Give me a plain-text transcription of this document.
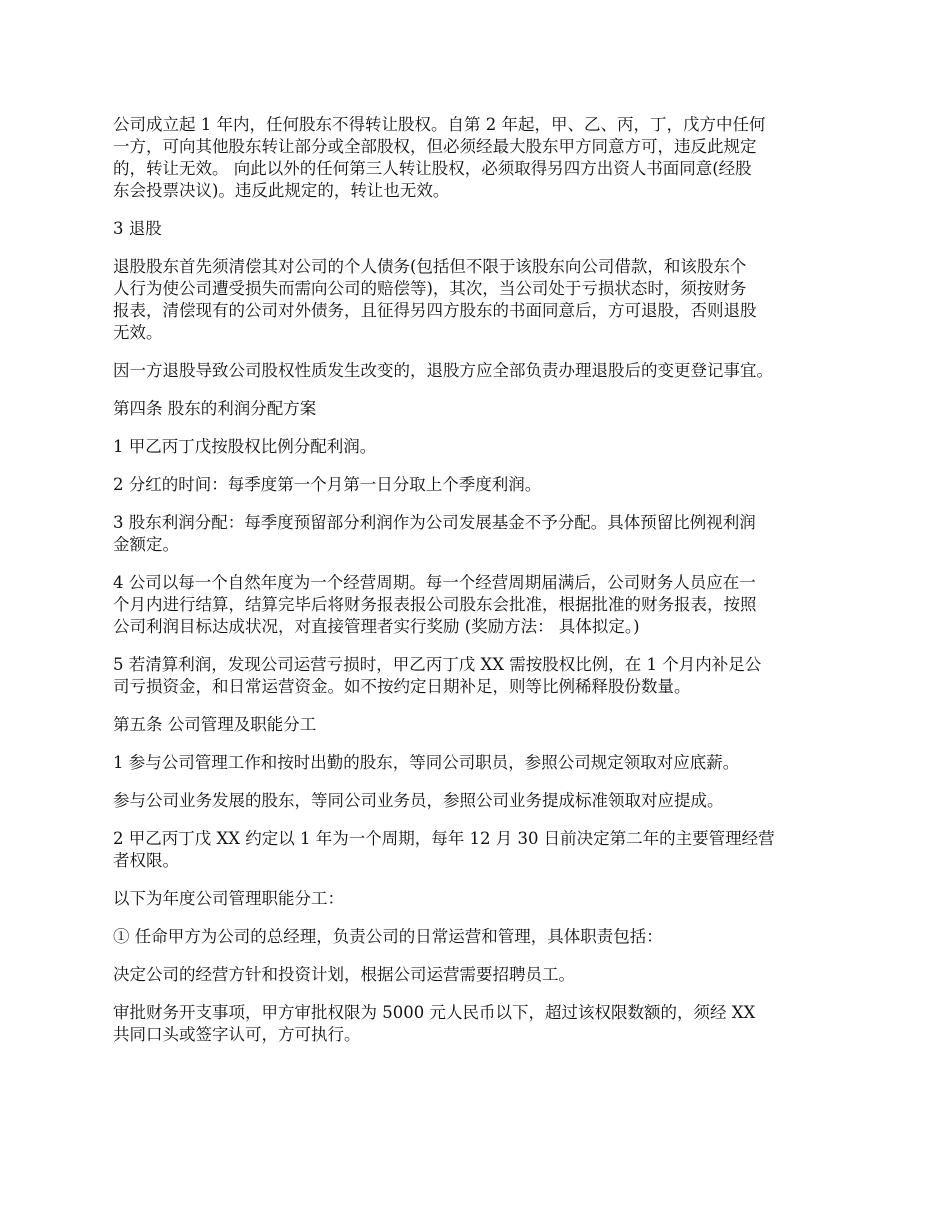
公司成立起 1 年内，任何股东不得转让股权。自第 2 年起，甲、乙、丙，丁，戊方中任何
一方，可向其他股东转让部分或全部股权，但必须经最大股东甲方同意方可，违反此规定
的，转让无效。 向此以外的任何第三人转让股权，必须取得另四方出资人书面同意(经股
东会投票决议)。违反此规定的，转让也无效。

3 退股

退股股东首先须清偿其对公司的个人债务(包括但不限于该股东向公司借款，和该股东个
人行为使公司遭受损失而需向公司的赔偿等)，其次，当公司处于亏损状态时，须按财务
报表，清偿现有的公司对外债务，且征得另四方股东的书面同意后，方可退股，否则退股
无效。

因一方退股导致公司股权性质发生改变的，退股方应全部负责办理退股后的变更登记事宜。

第四条 股东的利润分配方案

1 甲乙丙丁戊按股权比例分配利润。

2 分红的时间：每季度第一个月第一日分取上个季度利润。

3 股东利润分配：每季度预留部分利润作为公司发展基金不予分配。具体预留比例视利润
金额定。

4 公司以每一个自然年度为一个经营周期。每一个经营周期届满后，公司财务人员应在一
个月内进行结算，结算完毕后将财务报表报公司股东会批准，根据批准的财务报表，按照
公司利润目标达成状况，对直接管理者实行奖励 (奖励方法： 具体拟定。)

5 若清算利润，发现公司运营亏损时，甲乙丙丁戊 XX 需按股权比例，在 1 个月内补足公
司亏损资金，和日常运营资金。如不按约定日期补足，则等比例稀释股份数量。

第五条 公司管理及职能分工

1 参与公司管理工作和按时出勤的股东，等同公司职员，参照公司规定领取对应底薪。

参与公司业务发展的股东，等同公司业务员，参照公司业务提成标准领取对应提成。

2 甲乙丙丁戊 XX 约定以 1 年为一个周期，每年 12 月 30 日前决定第二年的主要管理经营
者权限。

以下为年度公司管理职能分工：

① 任命甲方为公司的总经理，负责公司的日常运营和管理，具体职责包括：

决定公司的经营方针和投资计划，根据公司运营需要招聘员工。

审批财务开支事项，甲方审批权限为 5000 元人民币以下，超过该权限数额的，须经 XX
共同口头或签字认可，方可执行。
